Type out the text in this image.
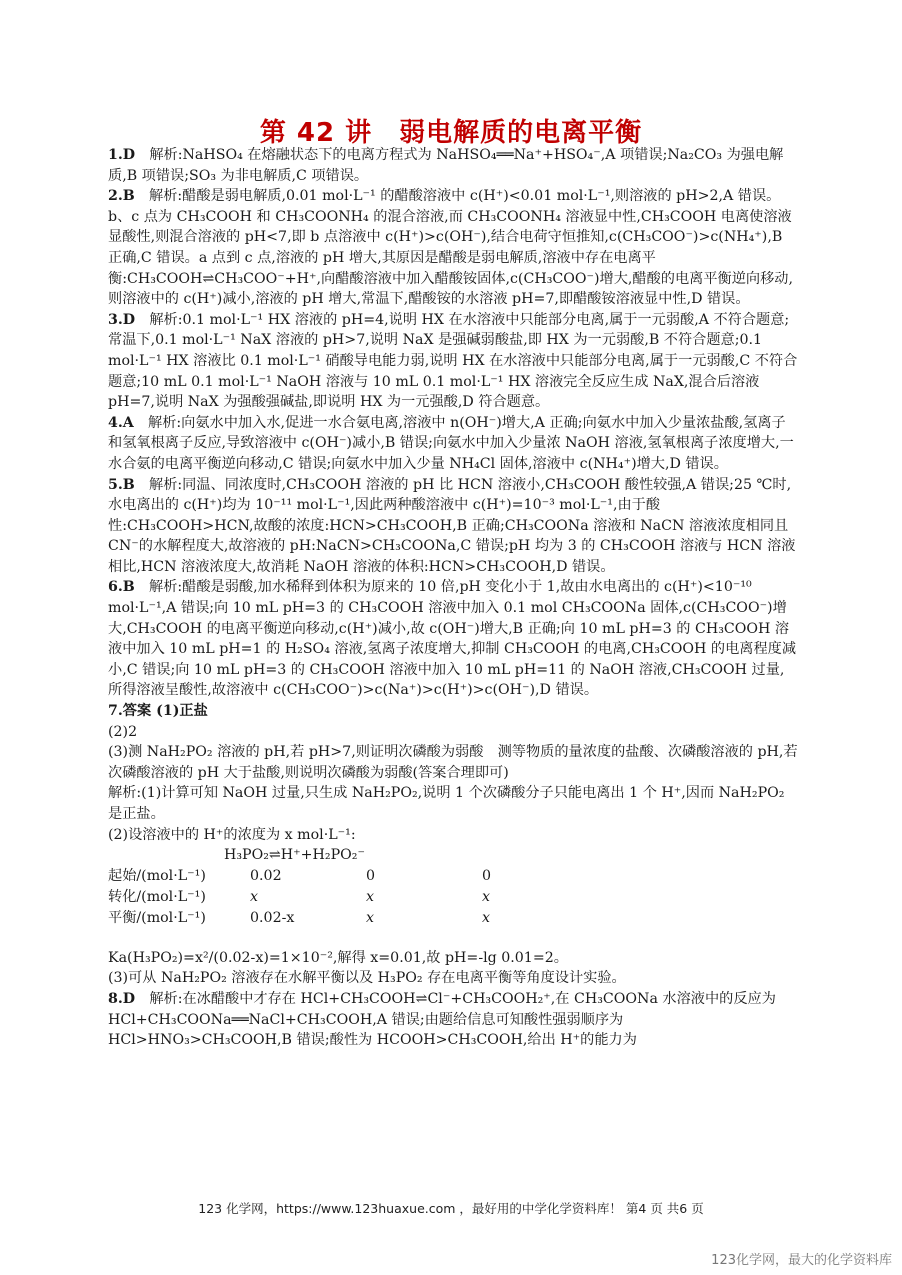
第 42 讲　弱电解质的电离平衡

1.D　 解析:NaHSO₄ 在熔融状态下的电离方程式为 NaHSO₄══Na⁺+HSO₄⁻,A 项错误;Na₂CO₃ 为强电解质,B 项错误;SO₃ 为非电解质,C 项错误。

2.B　 解析:醋酸是弱电解质,0.01 mol·L⁻¹ 的醋酸溶液中 c(H⁺)<0.01 mol·L⁻¹,则溶液的 pH>2,A 错误。b、c 点为 CH₃COOH 和 CH₃COONH₄ 的混合溶液,而 CH₃COONH₄ 溶液显中性,CH₃COOH 电离使溶液显酸性,则混合溶液的 pH<7,即 b 点溶液中 c(H⁺)>c(OH⁻),结合电荷守恒推知,c(CH₃COO⁻)>c(NH₄⁺),B 正确,C 错误。a 点到 c 点,溶液的 pH 增大,其原因是醋酸是弱电解质,溶液中存在电离平衡:CH₃COOH⇌CH₃COO⁻+H⁺,向醋酸溶液中加入醋酸铵固体,c(CH₃COO⁻)增大,醋酸的电离平衡逆向移动,则溶液中的 c(H⁺)减小,溶液的 pH 增大,常温下,醋酸铵的水溶液 pH=7,即醋酸铵溶液显中性,D 错误。

3.D　 解析:0.1 mol·L⁻¹ HX 溶液的 pH=4,说明 HX 在水溶液中只能部分电离,属于一元弱酸,A 不符合题意;常温下,0.1 mol·L⁻¹ NaX 溶液的 pH>7,说明 NaX 是强碱弱酸盐,即 HX 为一元弱酸,B 不符合题意;0.1 mol·L⁻¹ HX 溶液比 0.1 mol·L⁻¹ 硝酸导电能力弱,说明 HX 在水溶液中只能部分电离,属于一元弱酸,C 不符合题意;10 mL 0.1 mol·L⁻¹ NaOH 溶液与 10 mL 0.1 mol·L⁻¹ HX 溶液完全反应生成 NaX,混合后溶液 pH=7,说明 NaX 为强酸强碱盐,即说明 HX 为一元强酸,D 符合题意。

4.A　 解析:向氨水中加入水,促进一水合氨电离,溶液中 n(OH⁻)增大,A 正确;向氨水中加入少量浓盐酸,氢离子和氢氧根离子反应,导致溶液中 c(OH⁻)减小,B 错误;向氨水中加入少量浓 NaOH 溶液,氢氧根离子浓度增大,一水合氨的电离平衡逆向移动,C 错误;向氨水中加入少量 NH₄Cl 固体,溶液中 c(NH₄⁺)增大,D 错误。

5.B　 解析:同温、同浓度时,CH₃COOH 溶液的 pH 比 HCN 溶液小,CH₃COOH 酸性较强,A 错误;25 ℃时,水电离出的 c(H⁺)均为 10⁻¹¹ mol·L⁻¹,因此两种酸溶液中 c(H⁺)=10⁻³ mol·L⁻¹,由于酸性:CH₃COOH>HCN,故酸的浓度:HCN>CH₃COOH,B 正确;CH₃COONa 溶液和 NaCN 溶液浓度相同且 CN⁻的水解程度大,故溶液的 pH:NaCN>CH₃COONa,C 错误;pH 均为 3 的 CH₃COOH 溶液与 HCN 溶液相比,HCN 溶液浓度大,故消耗 NaOH 溶液的体积:HCN>CH₃COOH,D 错误。

6.B　 解析:醋酸是弱酸,加水稀释到体积为原来的 10 倍,pH 变化小于 1,故由水电离出的 c(H⁺)<10⁻¹⁰ mol·L⁻¹,A 错误;向 10 mL pH=3 的 CH₃COOH 溶液中加入 0.1 mol CH₃COONa 固体,c(CH₃COO⁻)增大,CH₃COOH 的电离平衡逆向移动,c(H⁺)减小,故 c(OH⁻)增大,B 正确;向 10 mL pH=3 的 CH₃COOH 溶液中加入 10 mL pH=1 的 H₂SO₄ 溶液,氢离子浓度增大,抑制 CH₃COOH 的电离,CH₃COOH 的电离程度减小,C 错误;向 10 mL pH=3 的 CH₃COOH 溶液中加入 10 mL pH=11 的 NaOH 溶液,CH₃COOH 过量,所得溶液呈酸性,故溶液中 c(CH₃COO⁻)>c(Na⁺)>c(H⁺)>c(OH⁻),D 错误。

7.答案 (1)正盐

(2)2

(3)测 NaH₂PO₂ 溶液的 pH,若 pH>7,则证明次磷酸为弱酸　测等物质的量浓度的盐酸、次磷酸溶液的 pH,若次磷酸溶液的 pH 大于盐酸,则说明次磷酸为弱酸(答案合理即可)

解析:(1)计算可知 NaOH 过量,只生成 NaH₂PO₂,说明 1 个次磷酸分子只能电离出 1 个 H⁺,因而 NaH₂PO₂ 是正盐。

(2)设溶液中的 H⁺的浓度为 x mol·L⁻¹:

H₃PO₂⇌H⁺+H₂PO₂⁻

起始/(mol·L⁻¹)	0.02	0	0
转化/(mol·L⁻¹)	x	x	x
平衡/(mol·L⁻¹)	0.02-x	x	x

Ka(H₃PO₂)=x²/(0.02-x)=1×10⁻²,解得 x=0.01,故 pH=-lg 0.01=2。

(3)可从 NaH₂PO₂ 溶液存在水解平衡以及 H₃PO₂ 存在电离平衡等角度设计实验。

8.D　 解析:在冰醋酸中才存在 HCl+CH₃COOH⇌Cl⁻+CH₃COOH₂⁺,在 CH₃COONa 水溶液中的反应为 HCl+CH₃COONa══NaCl+CH₃COOH,A 错误;由题给信息可知酸性强弱顺序为 HCl>HNO₃>CH₃COOH,B 错误;酸性为 HCOOH>CH₃COOH,给出 H⁺的能力为

123 化学网，https://www.123huaxue.com ，最好用的中学化学资料库！ 第4 页 共6 页
123化学网，最大的化学资料库
